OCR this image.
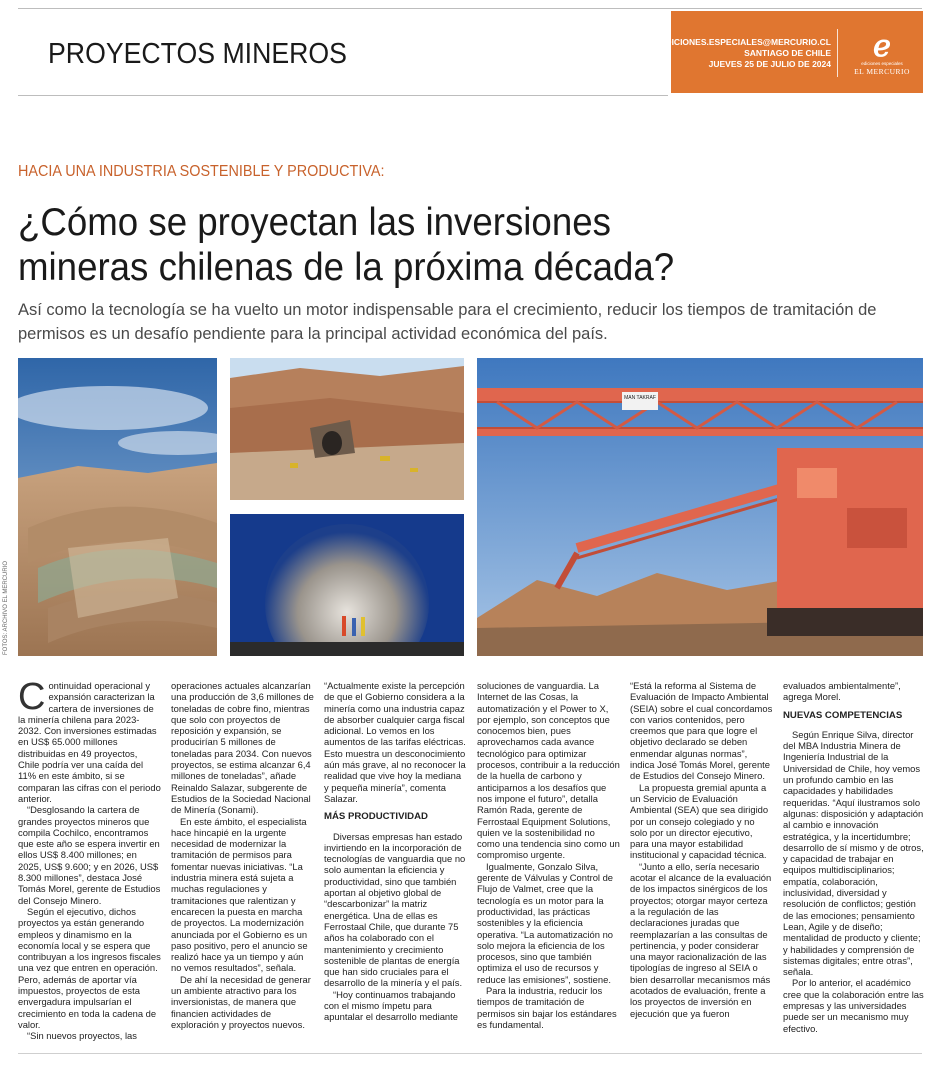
PROYECTOS MINEROS	EDICIONES.ESPECIALES@MERCURIO.CL
SANTIAGO DE CHILE
JUEVES 25 DE JULIO DE 2024
ℯ
ediciones especiales
EL MERCURIO
HACIA UNA INDUSTRIA SOSTENIBLE Y PRODUCTIVA:
¿Cómo se proyectan las inversiones
mineras chilenas de la próxima década?
Así como la tecnología se ha vuelto un motor indispensable para el crecimiento, reducir los tiempos de tramitación de permisos es un desafío pendiente para la principal actividad económica del país.
FOTOS: ARCHIVO EL MERCURIO
MAN TAKRAF

Continuidad operacional y expansión caracterizan la cartera de inversiones de la minería chilena para 2023-2032. Con inversiones estimadas en US$ 65.000 millones distribuidas en 49 proyectos, Chile podría ver una caída del 11% en este ámbito, si se comparan las cifras con el periodo anterior.

“Desglosando la cartera de grandes proyectos mineros que compila Cochilco, encontramos que este año se espera invertir en ellos US$ 8.400 millones; en 2025, US$ 9.600; y en 2026, US$ 8.300 millones”, destaca José Tomás Morel, gerente de Estudios del Consejo Minero.

Según el ejecutivo, dichos proyectos ya están generando empleos y dinamismo en la economía local y se espera que contribuyan a los ingresos fiscales una vez que entren en operación. Pero, además de aportar vía impuestos, proyectos de esta envergadura impulsarían el crecimiento en toda la cadena de valor.

“Sin nuevos proyectos, las

operaciones actuales alcanzarían una producción de 3,6 millones de toneladas de cobre fino, mientras que solo con proyectos de reposición y expansión, se producirían 5 millones de toneladas para 2034. Con nuevos proyectos, se estima alcanzar 6,4 millones de toneladas”, añade Reinaldo Salazar, subgerente de Estudios de la Sociedad Nacional de Minería (Sonami).

En este ámbito, el especialista hace hincapié en la urgente necesidad de modernizar la tramitación de permisos para fomentar nuevas iniciativas. “La industria minera está sujeta a muchas regulaciones y tramitaciones que ralentizan y encarecen la puesta en marcha de proyectos. La modernización anunciada por el Gobierno es un paso positivo, pero el anuncio se realizó hace ya un tiempo y aún no vemos resultados”, señala.

De ahí la necesidad de generar un ambiente atractivo para los inversionistas, de manera que financien actividades de exploración y proyectos nuevos.

“Actualmente existe la percepción de que el Gobierno considera a la minería como una industria capaz de absorber cualquier carga fiscal adicional. Lo vemos en los aumentos de las tarifas eléctricas. Esto muestra un desconocimiento aún más grave, al no reconocer la realidad que vive hoy la mediana y pequeña minería”, comenta Salazar.

MÁS PRODUCTIVIDAD

Diversas empresas han estado invirtiendo en la incorporación de tecnologías de vanguardia que no solo aumentan la eficiencia y productividad, sino que también aportan al objetivo global de “descarbonizar” la matriz energética. Una de ellas es Ferrostaal Chile, que durante 75 años ha colaborado con el mantenimiento y crecimiento sostenible de plantas de energía que han sido cruciales para el desarrollo de la minería y el país.

“Hoy continuamos trabajando con el mismo ímpetu para apuntalar el desarrollo mediante

soluciones de vanguardia. La Internet de las Cosas, la automatización y el Power to X, por ejemplo, son conceptos que conocemos bien, pues aprovechamos cada avance tecnológico para optimizar procesos, contribuir a la reducción de la huella de carbono y anticiparnos a los desafíos que nos impone el futuro”, detalla Ramón Rada, gerente de Ferrostaal Equipment Solutions, quien ve la sostenibilidad no como una tendencia sino como un compromiso urgente.

Igualmente, Gonzalo Silva, gerente de Válvulas y Control de Flujo de Valmet, cree que la tecnología es un motor para la productividad, las prácticas sostenibles y la eficiencia operativa. “La automatización no solo mejora la eficiencia de los procesos, sino que también optimiza el uso de recursos y reduce las emisiones”, sostiene.

Para la industria, reducir los tiempos de tramitación de permisos sin bajar los estándares es fundamental.

“Está la reforma al Sistema de Evaluación de Impacto Ambiental (SEIA) sobre el cual concordamos con varios contenidos, pero creemos que para que logre el objetivo declarado se deben enmendar algunas normas”, indica José Tomás Morel, gerente de Estudios del Consejo Minero.

La propuesta gremial apunta a un Servicio de Evaluación Ambiental (SEA) que sea dirigido por un consejo colegiado y no solo por un director ejecutivo, para una mayor estabilidad institucional y capacidad técnica.

“Junto a ello, sería necesario acotar el alcance de la evaluación de los impactos sinérgicos de los proyectos; otorgar mayor certeza a la regulación de las declaraciones juradas que reemplazarían a las consultas de pertinencia, y poder considerar una mayor racionalización de las tipologías de ingreso al SEIA o bien desarrollar mecanismos más acotados de evaluación, frente a los proyectos de inversión en ejecución que ya fueron

evaluados ambientalmente”, agrega Morel.

NUEVAS COMPETENCIAS

Según Enrique Silva, director del MBA Industria Minera de Ingeniería Industrial de la Universidad de Chile, hoy vemos un profundo cambio en las capacidades y habilidades requeridas. “Aquí ilustramos solo algunas: disposición y adaptación al cambio e innovación estratégica, y la incertidumbre; desarrollo de sí mismo y de otros, y capacidad de trabajar en equipos multidisciplinarios; empatía, colaboración, inclusividad, diversidad y resolución de conflictos; gestión de las emociones; pensamiento Lean, Agile y de diseño; mentalidad de producto y cliente; y habilidades y comprensión de sistemas digitales; entre otras”, señala.

Por lo anterior, el académico cree que la colaboración entre las empresas y las universidades puede ser un mecanismo muy efectivo.
